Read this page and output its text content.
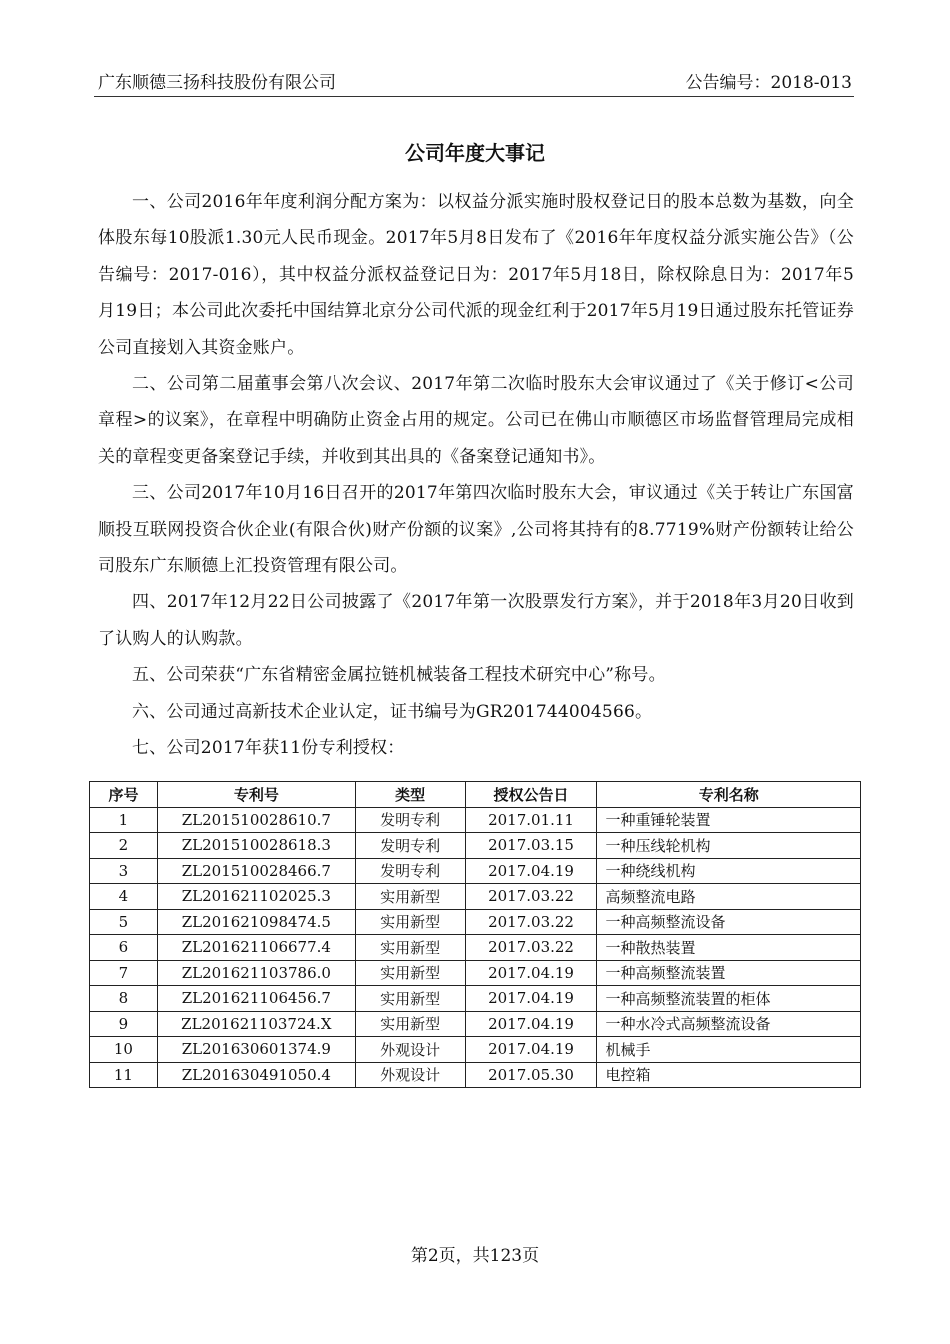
广东顺德三扬科技股份有限公司	公告编号：2018-013
公司年度大事记

一、公司2016年年度利润分配方案为：以权益分派实施时股权登记日的股本总数为基数，向全体股东每10股派1.30元人民币现金。2017年5月8日发布了《2016年年度权益分派实施公告》（公告编号：2017-016），其中权益分派权益登记日为：2017年5月18日，除权除息日为：2017年5月19日；本公司此次委托中国结算北京分公司代派的现金红利于2017年5月19日通过股东托管证券公司直接划入其资金账户。

二、公司第二届董事会第八次会议、2017年第二次临时股东大会审议通过了《关于修订<公司章程>的议案》，在章程中明确防止资金占用的规定。公司已在佛山市顺德区市场监督管理局完成相关的章程变更备案登记手续，并收到其出具的《备案登记通知书》。

三、公司2017年10月16日召开的2017年第四次临时股东大会，审议通过《关于转让广东国富顺投互联网投资合伙企业(有限合伙)财产份额的议案》,公司将其持有的8.7719%财产份额转让给公司股东广东顺德上汇投资管理有限公司。

四、2017年12月22日公司披露了《2017年第一次股票发行方案》，并于2018年3月20日收到了认购人的认购款。

五、公司荣获“广东省精密金属拉链机械装备工程技术研究中心”称号。

六、公司通过高新技术企业认定，证书编号为GR201744004566。

七、公司2017年获11份专利授权：

序号	专利号	类型	授权公告日	专利名称
1	ZL201510028610.7	发明专利	2017.01.11	一种重锤轮装置
2	ZL201510028618.3	发明专利	2017.03.15	一种压线轮机构
3	ZL201510028466.7	发明专利	2017.04.19	一种绕线机构
4	ZL201621102025.3	实用新型	2017.03.22	高频整流电路
5	ZL201621098474.5	实用新型	2017.03.22	一种高频整流设备
6	ZL201621106677.4	实用新型	2017.03.22	一种散热装置
7	ZL201621103786.0	实用新型	2017.04.19	一种高频整流装置
8	ZL201621106456.7	实用新型	2017.04.19	一种高频整流装置的柜体
9	ZL201621103724.X	实用新型	2017.04.19	一种水冷式高频整流设备
10	ZL201630601374.9	外观设计	2017.04.19	机械手
11	ZL201630491050.4	外观设计	2017.05.30	电控箱
第2页，共123页
